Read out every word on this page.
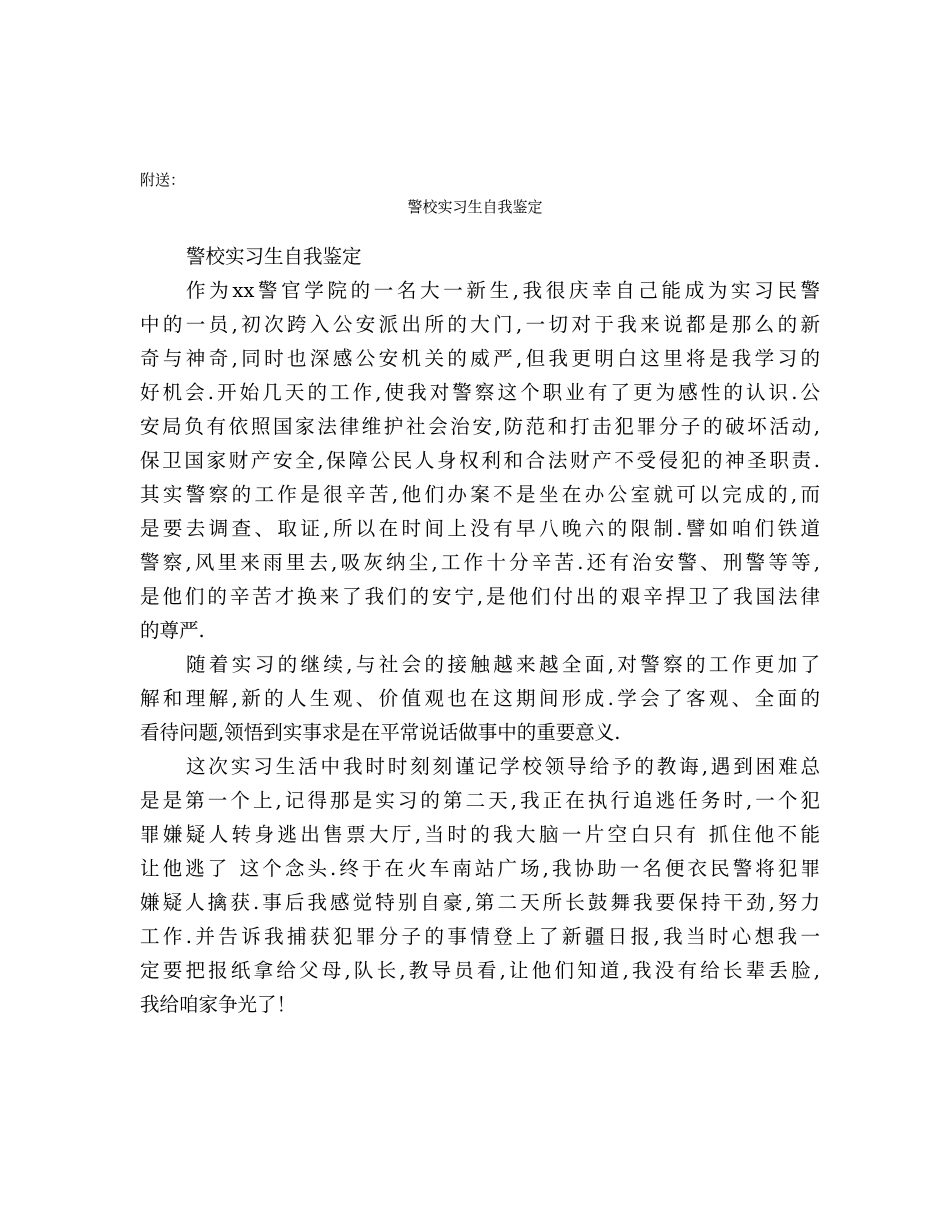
附送：
警校实习生自我鉴定
警校实习生自我鉴定

作为xx警官学院的一名大一新生,我很庆幸自己能成为实习民警
中的一员,初次跨入公安派出所的大门,一切对于我来说都是那么的新
奇与神奇,同时也深感公安机关的威严,但我更明白这里将是我学习的
好机会.开始几天的工作,使我对警察这个职业有了更为感性的认识.公
安局负有依照国家法律维护社会治安,防范和打击犯罪分子的破坏活动,
保卫国家财产安全,保障公民人身权利和合法财产不受侵犯的神圣职责.
其实警察的工作是很辛苦,他们办案不是坐在办公室就可以完成的,而
是要去调查、取证,所以在时间上没有早八晚六的限制.譬如咱们铁道
警察,风里来雨里去,吸灰纳尘,工作十分辛苦.还有治安警、刑警等等,
是他们的辛苦才换来了我们的安宁,是他们付出的艰辛捍卫了我国法律
的尊严.

随着实习的继续,与社会的接触越来越全面,对警察的工作更加了
解和理解,新的人生观、价值观也在这期间形成.学会了客观、全面的
看待问题,领悟到实事求是在平常说话做事中的重要意义.

这次实习生活中我时时刻刻谨记学校领导给予的教诲,遇到困难总
是是第一个上,记得那是实习的第二天,我正在执行追逃任务时,一个犯
罪嫌疑人转身逃出售票大厅,当时的我大脑一片空白只有 抓住他不能
让他逃了 这个念头.终于在火车南站广场,我协助一名便衣民警将犯罪
嫌疑人擒获.事后我感觉特别自豪,第二天所长鼓舞我要保持干劲,努力
工作.并告诉我捕获犯罪分子的事情登上了新疆日报,我当时心想我一
定要把报纸拿给父母,队长,教导员看,让他们知道,我没有给长辈丢脸,
我给咱家争光了！
